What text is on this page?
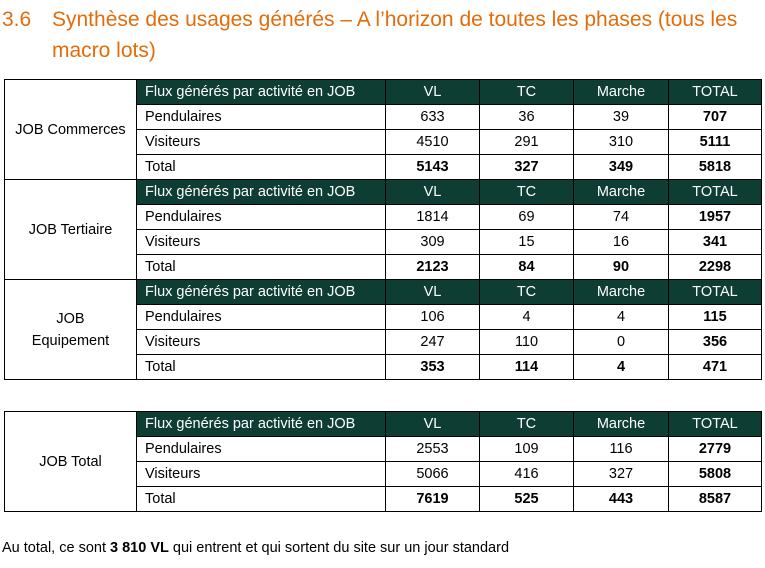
3.6 Synthèse des usages générés – A l’horizon de toutes les phases (tous les macro lots)
JOB Commerces	Flux générés par activité en JOB	VL	TC	Marche	TOTAL
	Pendulaires	633	36	39	707
	Visiteurs	4510	291	310	5111
	Total	5143	327	349	5818
JOB Tertiaire	Flux générés par activité en JOB	VL	TC	Marche	TOTAL
	Pendulaires	1814	69	74	1957
	Visiteurs	309	15	16	341
	Total	2123	84	90	2298
JOB Equipement	Flux générés par activité en JOB	VL	TC	Marche	TOTAL
	Pendulaires	106	4	4	115
	Visiteurs	247	110	0	356
	Total	353	114	4	471
JOB Total	Flux générés par activité en JOB	VL	TC	Marche	TOTAL
	Pendulaires	2553	109	116	2779
	Visiteurs	5066	416	327	5808
	Total	7619	525	443	8587
Au total, ce sont 3 810 VL qui entrent et qui sortent du site sur un jour standard
